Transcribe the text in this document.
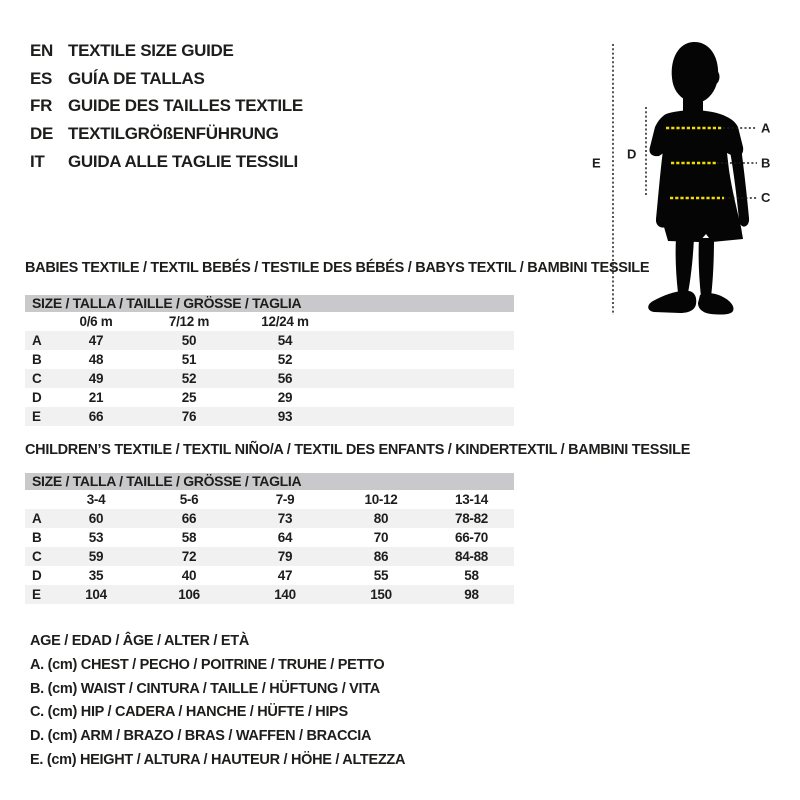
EN TEXTILE SIZE GUIDE
ES GUÍA DE TALLAS
FR GUIDE DES TAILLES TEXTILE
DE TEXTILGRÖßENFÜHRUNG
IT	GUIDA ALLE TAGLIE TESSILI
A
B
C
D
E
BABIES TEXTILE / TEXTIL BEBÉS / TESTILE DES BÉBÉS / BABYS TEXTIL / BAMBINI TESSILE
SIZE / TALLA / TAILLE / GRÖSSE / TAGLIA
	0/6 m	7/12 m	12/24 m	
A	47	50	54	
B	48	51	52	
C	49	52	56	
D	21	25	29	
E	66	76	93	
CHILDREN’S TEXTILE / TEXTIL NIÑO/A / TEXTIL DES ENFANTS / KINDERTEXTIL / BAMBINI TESSILE
SIZE / TALLA / TAILLE / GRÖSSE / TAGLIA
	3-4	5-6	7-9	10-12	13-14
A	60	66	73	80	78-82
B	53	58	64	70	66-70
C	59	72	79	86	84-88
D	35	40	47	55	58
E	104	106	140	150	98
AGE / EDAD / ÂGE / ALTER / ETÀ
A. (cm) CHEST / PECHO / POITRINE / TRUHE / PETTO
B. (cm) WAIST / CINTURA / TAILLE / HÜFTUNG / VITA
C. (cm) HIP / CADERA / HANCHE / HÜFTE / HIPS
D. (cm) ARM / BRAZO / BRAS / WAFFEN / BRACCIA
E. (cm) HEIGHT / ALTURA / HAUTEUR / HÖHE / ALTEZZA
